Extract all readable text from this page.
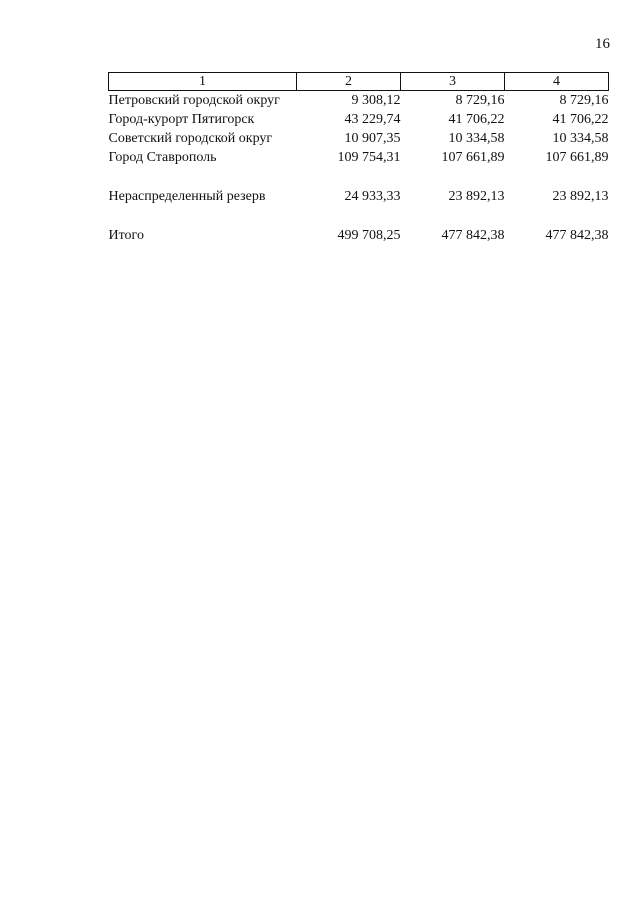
16
1	2	3	4
Петровский городской округ	9 308,12	8 729,16	8 729,16
Город-курорт Пятигорск	43 229,74	41 706,22	41 706,22
Советский городской округ	10 907,35	10 334,58	10 334,58
Город Ставрополь	109 754,31	107 661,89	107 661,89

Нераспределенный резерв	24 933,33	23 892,13	23 892,13

Итого	499 708,25	477 842,38	477 842,38
